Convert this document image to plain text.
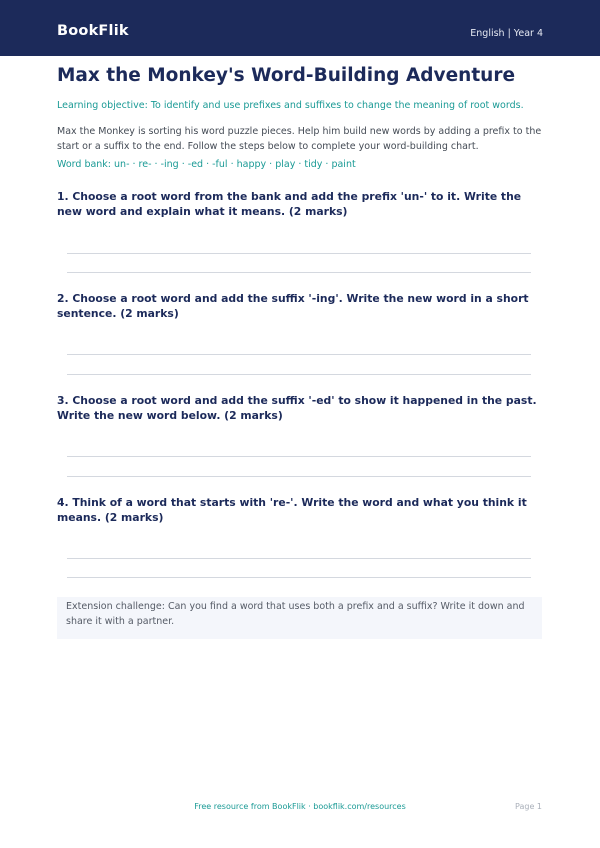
BookFlik	English | Year 4
Max the Monkey's Word-Building Adventure
Learning objective: To identify and use prefixes and suffixes to change the meaning of root words.
Max the Monkey is sorting his word puzzle pieces. Help him build new words by adding a prefix to the start or a suffix to the end. Follow the steps below to complete your word-building chart.
Word bank: un- · re- · -ing · -ed · -ful · happy · play · tidy · paint
1. Choose a root word from the bank and add the prefix 'un-' to it. Write the new word and explain what it means. (2 marks)
2. Choose a root word and add the suffix '-ing'. Write the new word in a short sentence. (2 marks)
3. Choose a root word and add the suffix '-ed' to show it happened in the past. Write the new word below. (2 marks)
4. Think of a word that starts with 're-'. Write the word and what you think it means. (2 marks)
Extension challenge: Can you find a word that uses both a prefix and a suffix? Write it down and share it with a partner.
Free resource from BookFlik · bookflik.com/resources	Page 1
